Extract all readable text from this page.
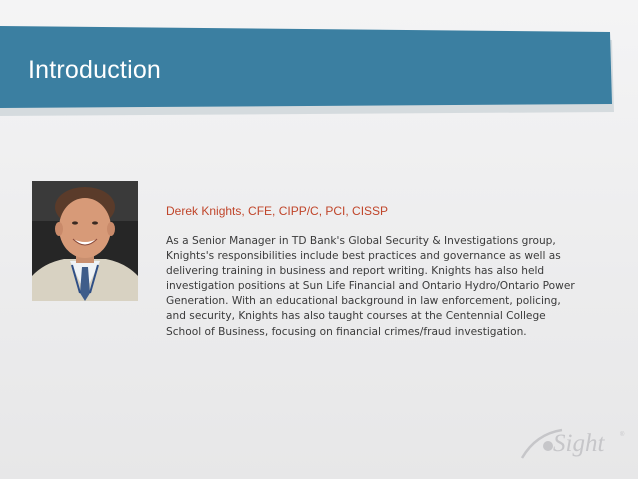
Introduction
Derek Knights, CFE, CIPP/C, PCI, CISSP
As a Senior Manager in TD Bank's Global Security & Investigations group, Knights's responsibilities include best practices and governance as well as delivering training in business and report writing. Knights has also held investigation positions at Sun Life Financial and Ontario Hydro/Ontario Power Generation. With an educational background in law enforcement, policing, and security, Knights has also taught courses at the Centennial College School of Business, focusing on financial crimes/fraud investigation.
Sight	®
